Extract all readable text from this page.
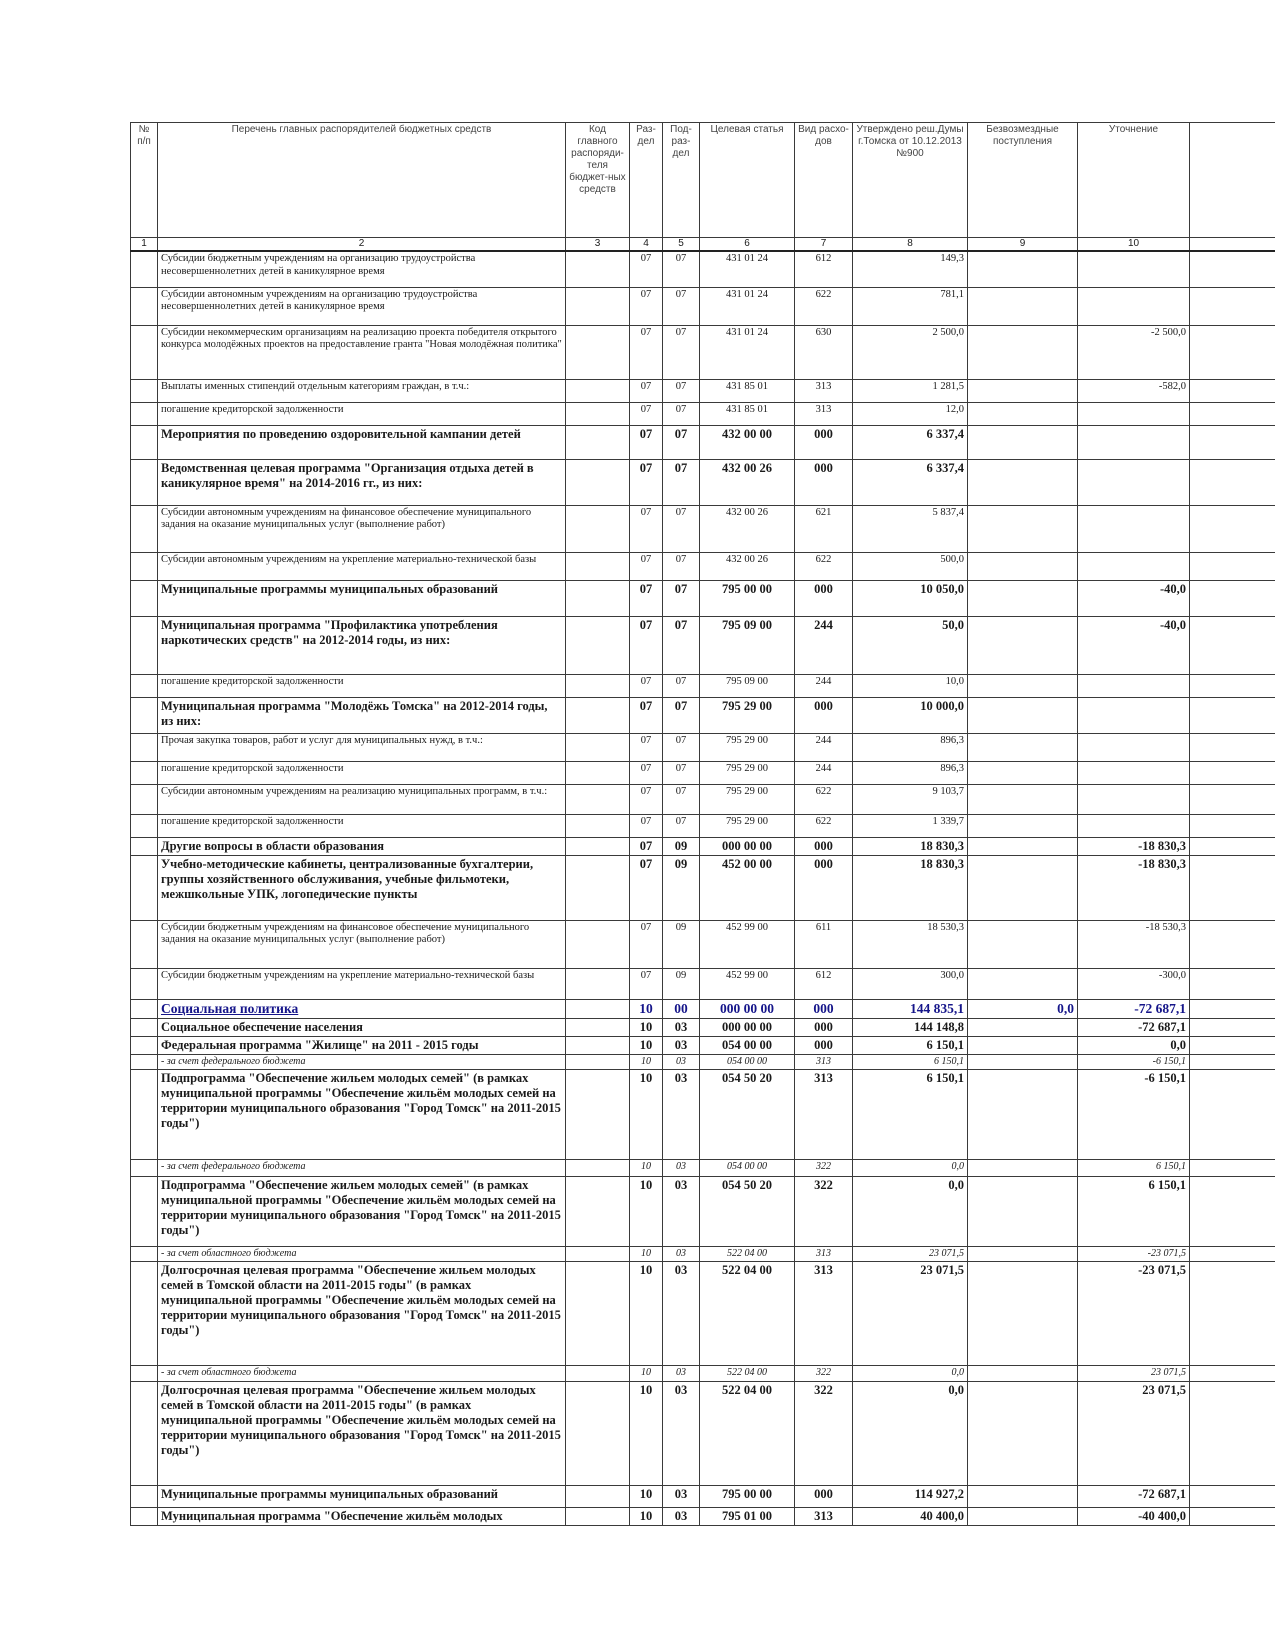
№ п/п	Перечень главных распорядителей бюджетных средств	Код главного распоряди-теля бюджет-ных средств	Раз-дел	Под-раз-дел	Целевая статья	Вид расхо-дов	Утверждено реш.Думы г.Томска от 10.12.2013 №900	Безвозмездные поступления	Уточнение	
1	2	3	4	5	6	7	8	9	10	
	Субсидии бюджетным учреждениям на организацию трудоустройства несовершеннолетних детей в каникулярное время		07	07	431 01 24	612	149,3			
	Субсидии автономным учреждениям на организацию трудоустройства несовершеннолетних детей в каникулярное время		07	07	431 01 24	622	781,1			
	Субсидии некоммерческим организациям на реализацию проекта победителя открытого конкурса молодёжных проектов на предоставление гранта "Новая молодёжная политика"		07	07	431 01 24	630	2 500,0		-2 500,0	
	Выплаты именных стипендий отдельным категориям граждан, в т.ч.:		07	07	431 85 01	313	1 281,5		-582,0	
	погашение кредиторской задолженности		07	07	431 85 01	313	12,0			
	Мероприятия по проведению оздоровительной кампании детей		07	07	432 00 00	000	6 337,4			
	Ведомственная целевая программа "Организация отдыха детей в каникулярное время" на 2014-2016 гг., из них:		07	07	432 00 26	000	6 337,4			
	Субсидии автономным учреждениям на финансовое обеспечение муниципального задания на оказание муниципальных услуг (выполнение работ)		07	07	432 00 26	621	5 837,4			
	Субсидии автономным учреждениям на укрепление материально-технической базы		07	07	432 00 26	622	500,0			
	Муниципальные программы муниципальных образований		07	07	795 00 00	000	10 050,0		-40,0	
	Муниципальная программа "Профилактика употребления наркотических средств" на 2012-2014 годы, из них:		07	07	795 09 00	244	50,0		-40,0	
	погашение кредиторской задолженности		07	07	795 09 00	244	10,0			
	Муниципальная программа "Молодёжь Томска" на 2012-2014 годы, из них:		07	07	795 29 00	000	10 000,0			
	Прочая закупка товаров, работ и услуг для муниципальных нужд, в т.ч.:		07	07	795 29 00	244	896,3			
	погашение кредиторской задолженности		07	07	795 29 00	244	896,3			
	Субсидии автономным учреждениям на реализацию муниципальных программ, в т.ч.:		07	07	795 29 00	622	9 103,7			
	погашение кредиторской задолженности		07	07	795 29 00	622	1 339,7			
	Другие вопросы в области образования		07	09	000 00 00	000	18 830,3		-18 830,3	
	Учебно-методические кабинеты, централизованные бухгалтерии, группы хозяйственного обслуживания, учебные фильмотеки, межшкольные УПК, логопедические пункты		07	09	452 00 00	000	18 830,3		-18 830,3	
	Субсидии бюджетным учреждениям на финансовое обеспечение муниципального задания на оказание муниципальных услуг (выполнение работ)		07	09	452 99 00	611	18 530,3		-18 530,3	
	Субсидии бюджетным учреждениям на укрепление материально-технической базы		07	09	452 99 00	612	300,0		-300,0	
	Социальная политика		10	00	000 00 00	000	144 835,1	0,0	-72 687,1	
	Социальное обеспечение населения		10	03	000 00 00	000	144 148,8		-72 687,1	
	Федеральная программа "Жилище" на 2011 - 2015 годы		10	03	054 00 00	000	6 150,1		0,0	
	- за счет федерального бюджета		10	03	054 00 00	313	6 150,1		-6 150,1	
	Подпрограмма "Обеспечение жильем молодых семей" (в рамках муниципальной программы "Обеспечение жильём молодых семей на территории муниципального образования "Город Томск" на 2011-2015 годы")		10	03	054 50 20	313	6 150,1		-6 150,1	
	- за счет федерального бюджета		10	03	054 00 00	322	0,0		6 150,1	
	Подпрограмма "Обеспечение жильем молодых семей" (в рамках муниципальной программы "Обеспечение жильём молодых семей на территории муниципального образования "Город Томск" на 2011-2015 годы")		10	03	054 50 20	322	0,0		6 150,1	
	- за счет областного бюджета		10	03	522 04 00	313	23 071,5		-23 071,5	
	Долгосрочная целевая программа "Обеспечение жильем молодых семей в Томской области на 2011-2015 годы" (в рамках муниципальной программы "Обеспечение жильём молодых семей на территории муниципального образования "Город Томск" на 2011-2015 годы")		10	03	522 04 00	313	23 071,5		-23 071,5	
	- за счет областного бюджета		10	03	522 04 00	322	0,0		23 071,5	
	Долгосрочная целевая программа "Обеспечение жильем молодых семей в Томской области на 2011-2015 годы" (в рамках муниципальной программы "Обеспечение жильём молодых семей на территории муниципального образования "Город Томск" на 2011-2015 годы")		10	03	522 04 00	322	0,0		23 071,5	
	Муниципальные программы муниципальных образований		10	03	795 00 00	000	114 927,2		-72 687,1	
	Муниципальная программа "Обеспечение жильём молодых		10	03	795 01 00	313	40 400,0		-40 400,0	
